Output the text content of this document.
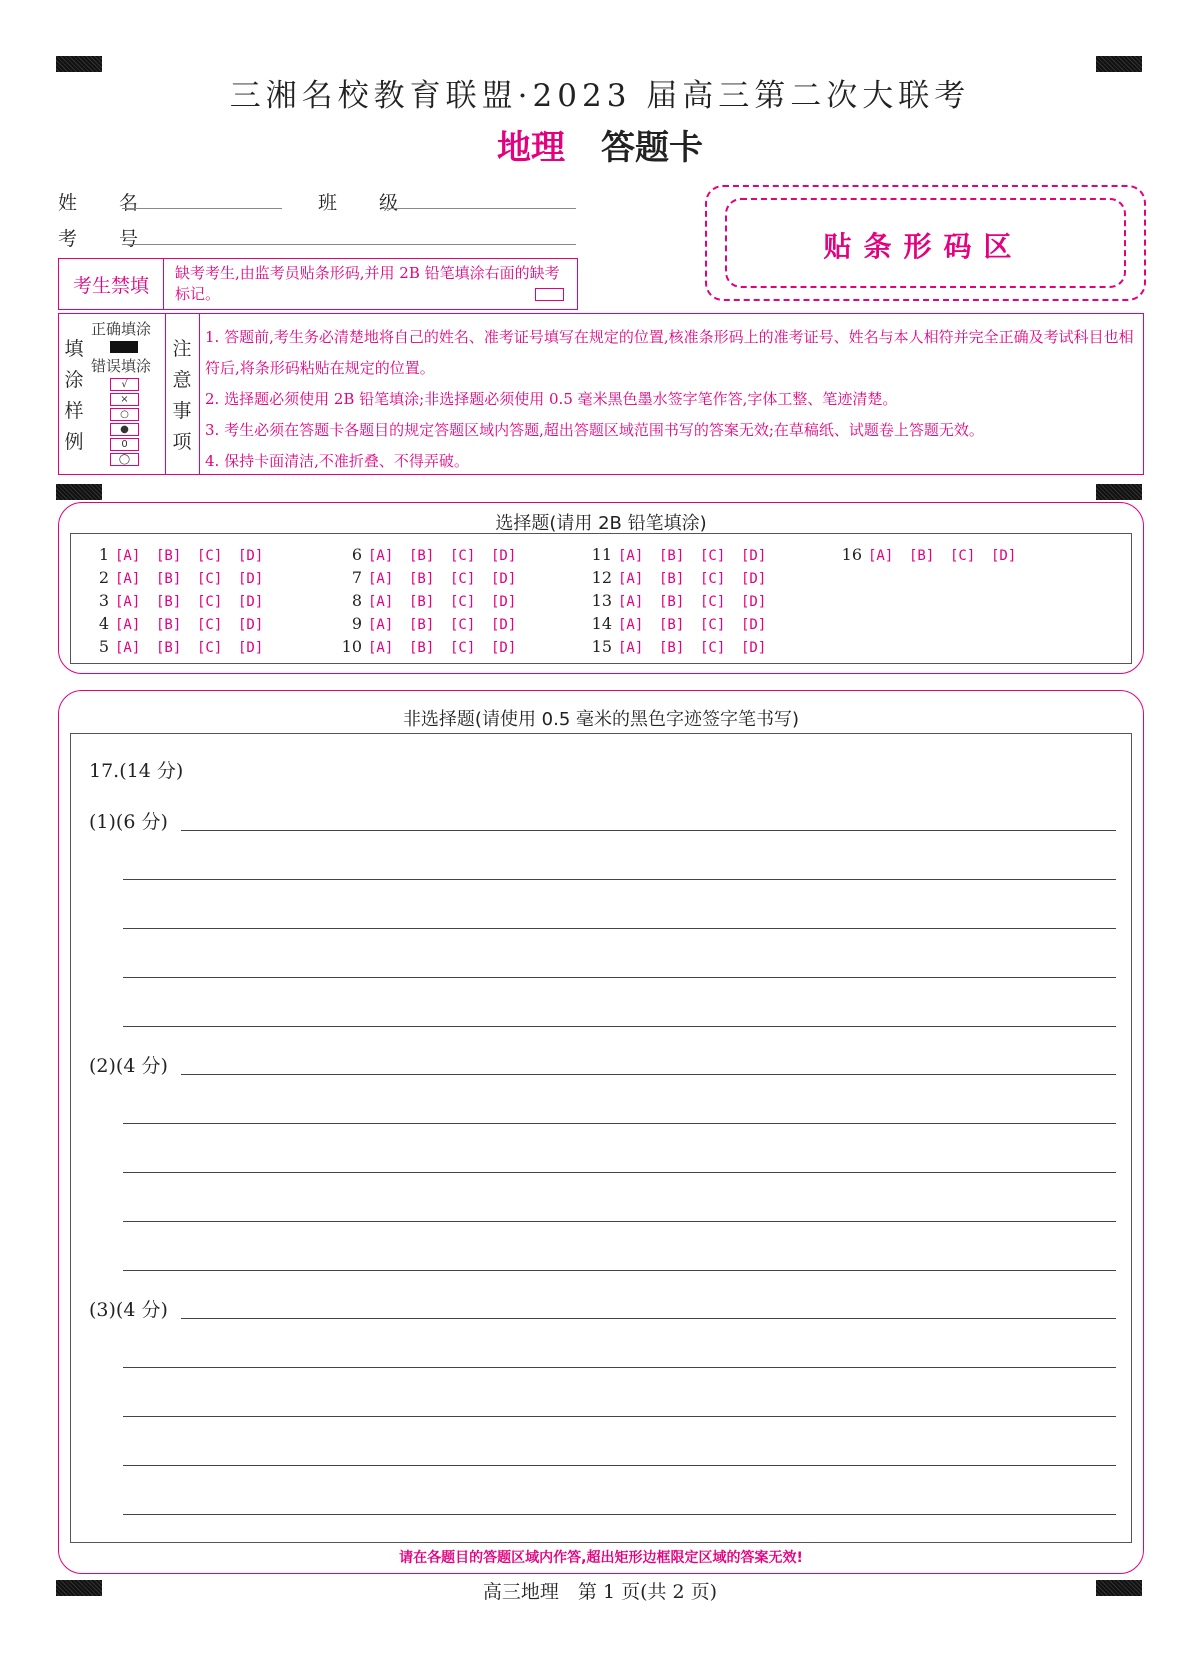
三湘名校教育联盟·2023 届高三第二次大联考
地理 答题卡
姓 名	班 级
考 号	贴条形码区
考生禁填
缺考考生,由监考员贴条形码,并用 2B 铅笔填涂右面的缺考标记。
填
涂
样
例
正确填涂
错误填涂
√
×
○
●
0
◯
注
意
事
项
1. 答题前,考生务必清楚地将自己的姓名、准考证号填写在规定的位置,核准条形码上的准考证号、姓名与本人相符并完全正确及考试科目也相符后,将条形码粘贴在规定的位置。
2. 选择题必须使用 2B 铅笔填涂;非选择题必须使用 0.5 毫米黑色墨水签字笔作答,字体工整、笔迹清楚。
3. 考生必须在答题卡各题目的规定答题区域内答题,超出答题区域范围书写的答案无效;在草稿纸、试题卷上答题无效。
4. 保持卡面清洁,不准折叠、不得弄破。
选择题(请用 2B 铅笔填涂)
1 [A] [B] [C] [D]
2 [A] [B] [C] [D]
3 [A] [B] [C] [D]
4 [A] [B] [C] [D]
5 [A] [B] [C] [D]
6 [A] [B] [C] [D]
7 [A] [B] [C] [D]
8 [A] [B] [C] [D]
9 [A] [B] [C] [D]
10 [A] [B] [C] [D]
11 [A] [B] [C] [D]
12 [A] [B] [C] [D]
13 [A] [B] [C] [D]
14 [A] [B] [C] [D]
15 [A] [B] [C] [D]
16 [A] [B] [C] [D]
非选择题(请使用 0.5 毫米的黑色字迹签字笔书写)
17.(14 分)
(1)(6 分)
(2)(4 分)
(3)(4 分)
请在各题目的答题区域内作答,超出矩形边框限定区域的答案无效!
高三地理　第 1 页(共 2 页)
